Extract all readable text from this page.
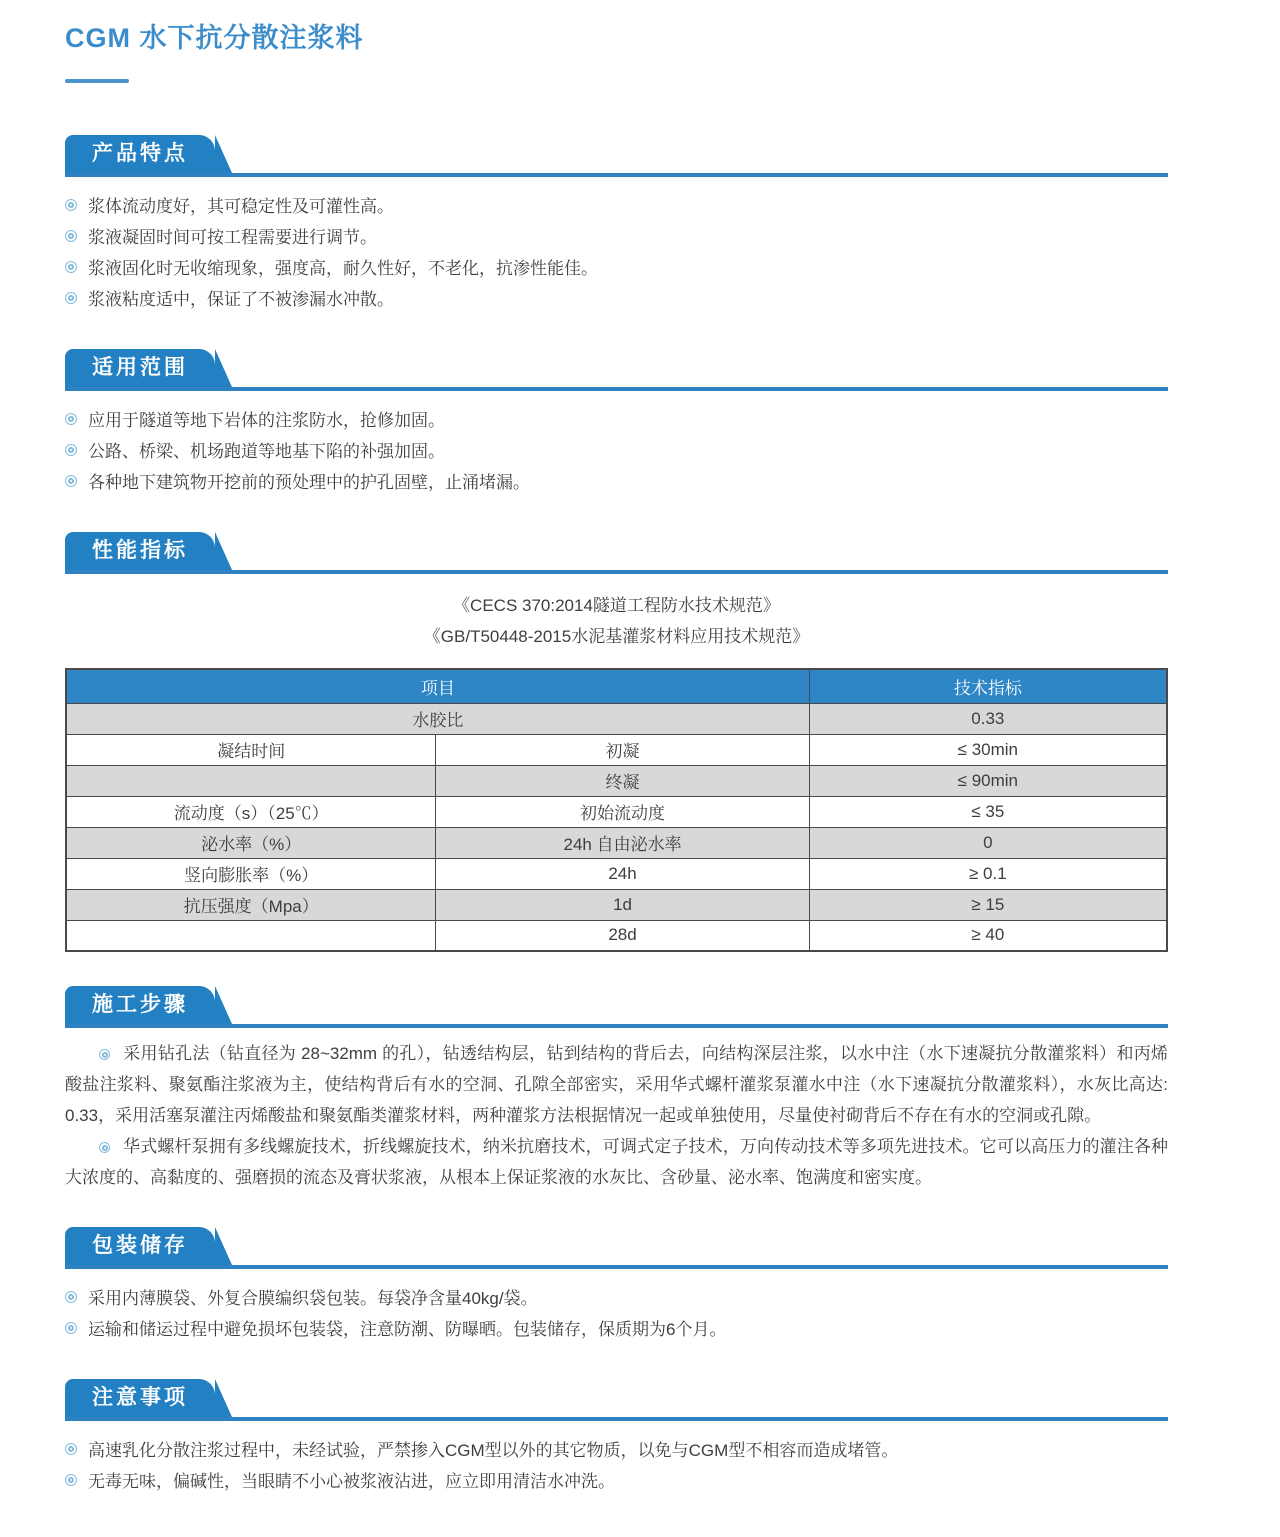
CGM 水下抗分散注浆料
产品特点
浆体流动度好，其可稳定性及可灌性高。
浆液凝固时间可按工程需要进行调节。
浆液固化时无收缩现象，强度高，耐久性好，不老化，抗渗性能佳。
浆液粘度适中，保证了不被渗漏水冲散。
适用范围
应用于隧道等地下岩体的注浆防水，抢修加固。
公路、桥梁、机场跑道等地基下陷的补强加固。
各种地下建筑物开挖前的预处理中的护孔固壁，止涌堵漏。
性能指标
《CECS 370:2014隧道工程防水技术规范》
《GB/T50448-2015水泥基灌浆材料应用技术规范》
项目		技术指标
水胶比		0.33
凝结时间	初凝	≤ 30min
	终凝	≤ 90min
流动度（s）（25℃）	初始流动度	≤ 35
泌水率（%）	24h 自由泌水率	0
竖向膨胀率（%）	24h	≥ 0.1
抗压强度（Mpa）	1d	≥ 15
	28d	≥ 40
施工步骤

采用钻孔法（钻直径为 28~32mm 的孔），钻透结构层，钻到结构的背后去，向结构深层注浆，以水中注（水下速凝抗分散灌浆料）和丙烯酸盐注浆料、聚氨酯注浆液为主，使结构背后有水的空洞、孔隙全部密实，采用华式螺杆灌浆泵灌水中注（水下速凝抗分散灌浆料），水灰比高达: 0.33，采用活塞泵灌注丙烯酸盐和聚氨酯类灌浆材料，两种灌浆方法根据情况一起或单独使用，尽量使衬砌背后不存在有水的空洞或孔隙。

华式螺杆泵拥有多线螺旋技术，折线螺旋技术，纳米抗磨技术，可调式定子技术，万向传动技术等多项先进技术。它可以高压力的灌注各种大浓度的、高黏度的、强磨损的流态及膏状浆液，从根本上保证浆液的水灰比、含砂量、泌水率、饱满度和密实度。

包装储存
采用内薄膜袋、外复合膜编织袋包装。每袋净含量40kg/袋。
运输和储运过程中避免损坏包装袋，注意防潮、防曝晒。包装储存，保质期为6个月。
注意事项
高速乳化分散注浆过程中，未经试验，严禁掺入CGM型以外的其它物质，以免与CGM型不相容而造成堵管。
无毒无味，偏碱性，当眼睛不小心被浆液沾进，应立即用清洁水冲洗。
